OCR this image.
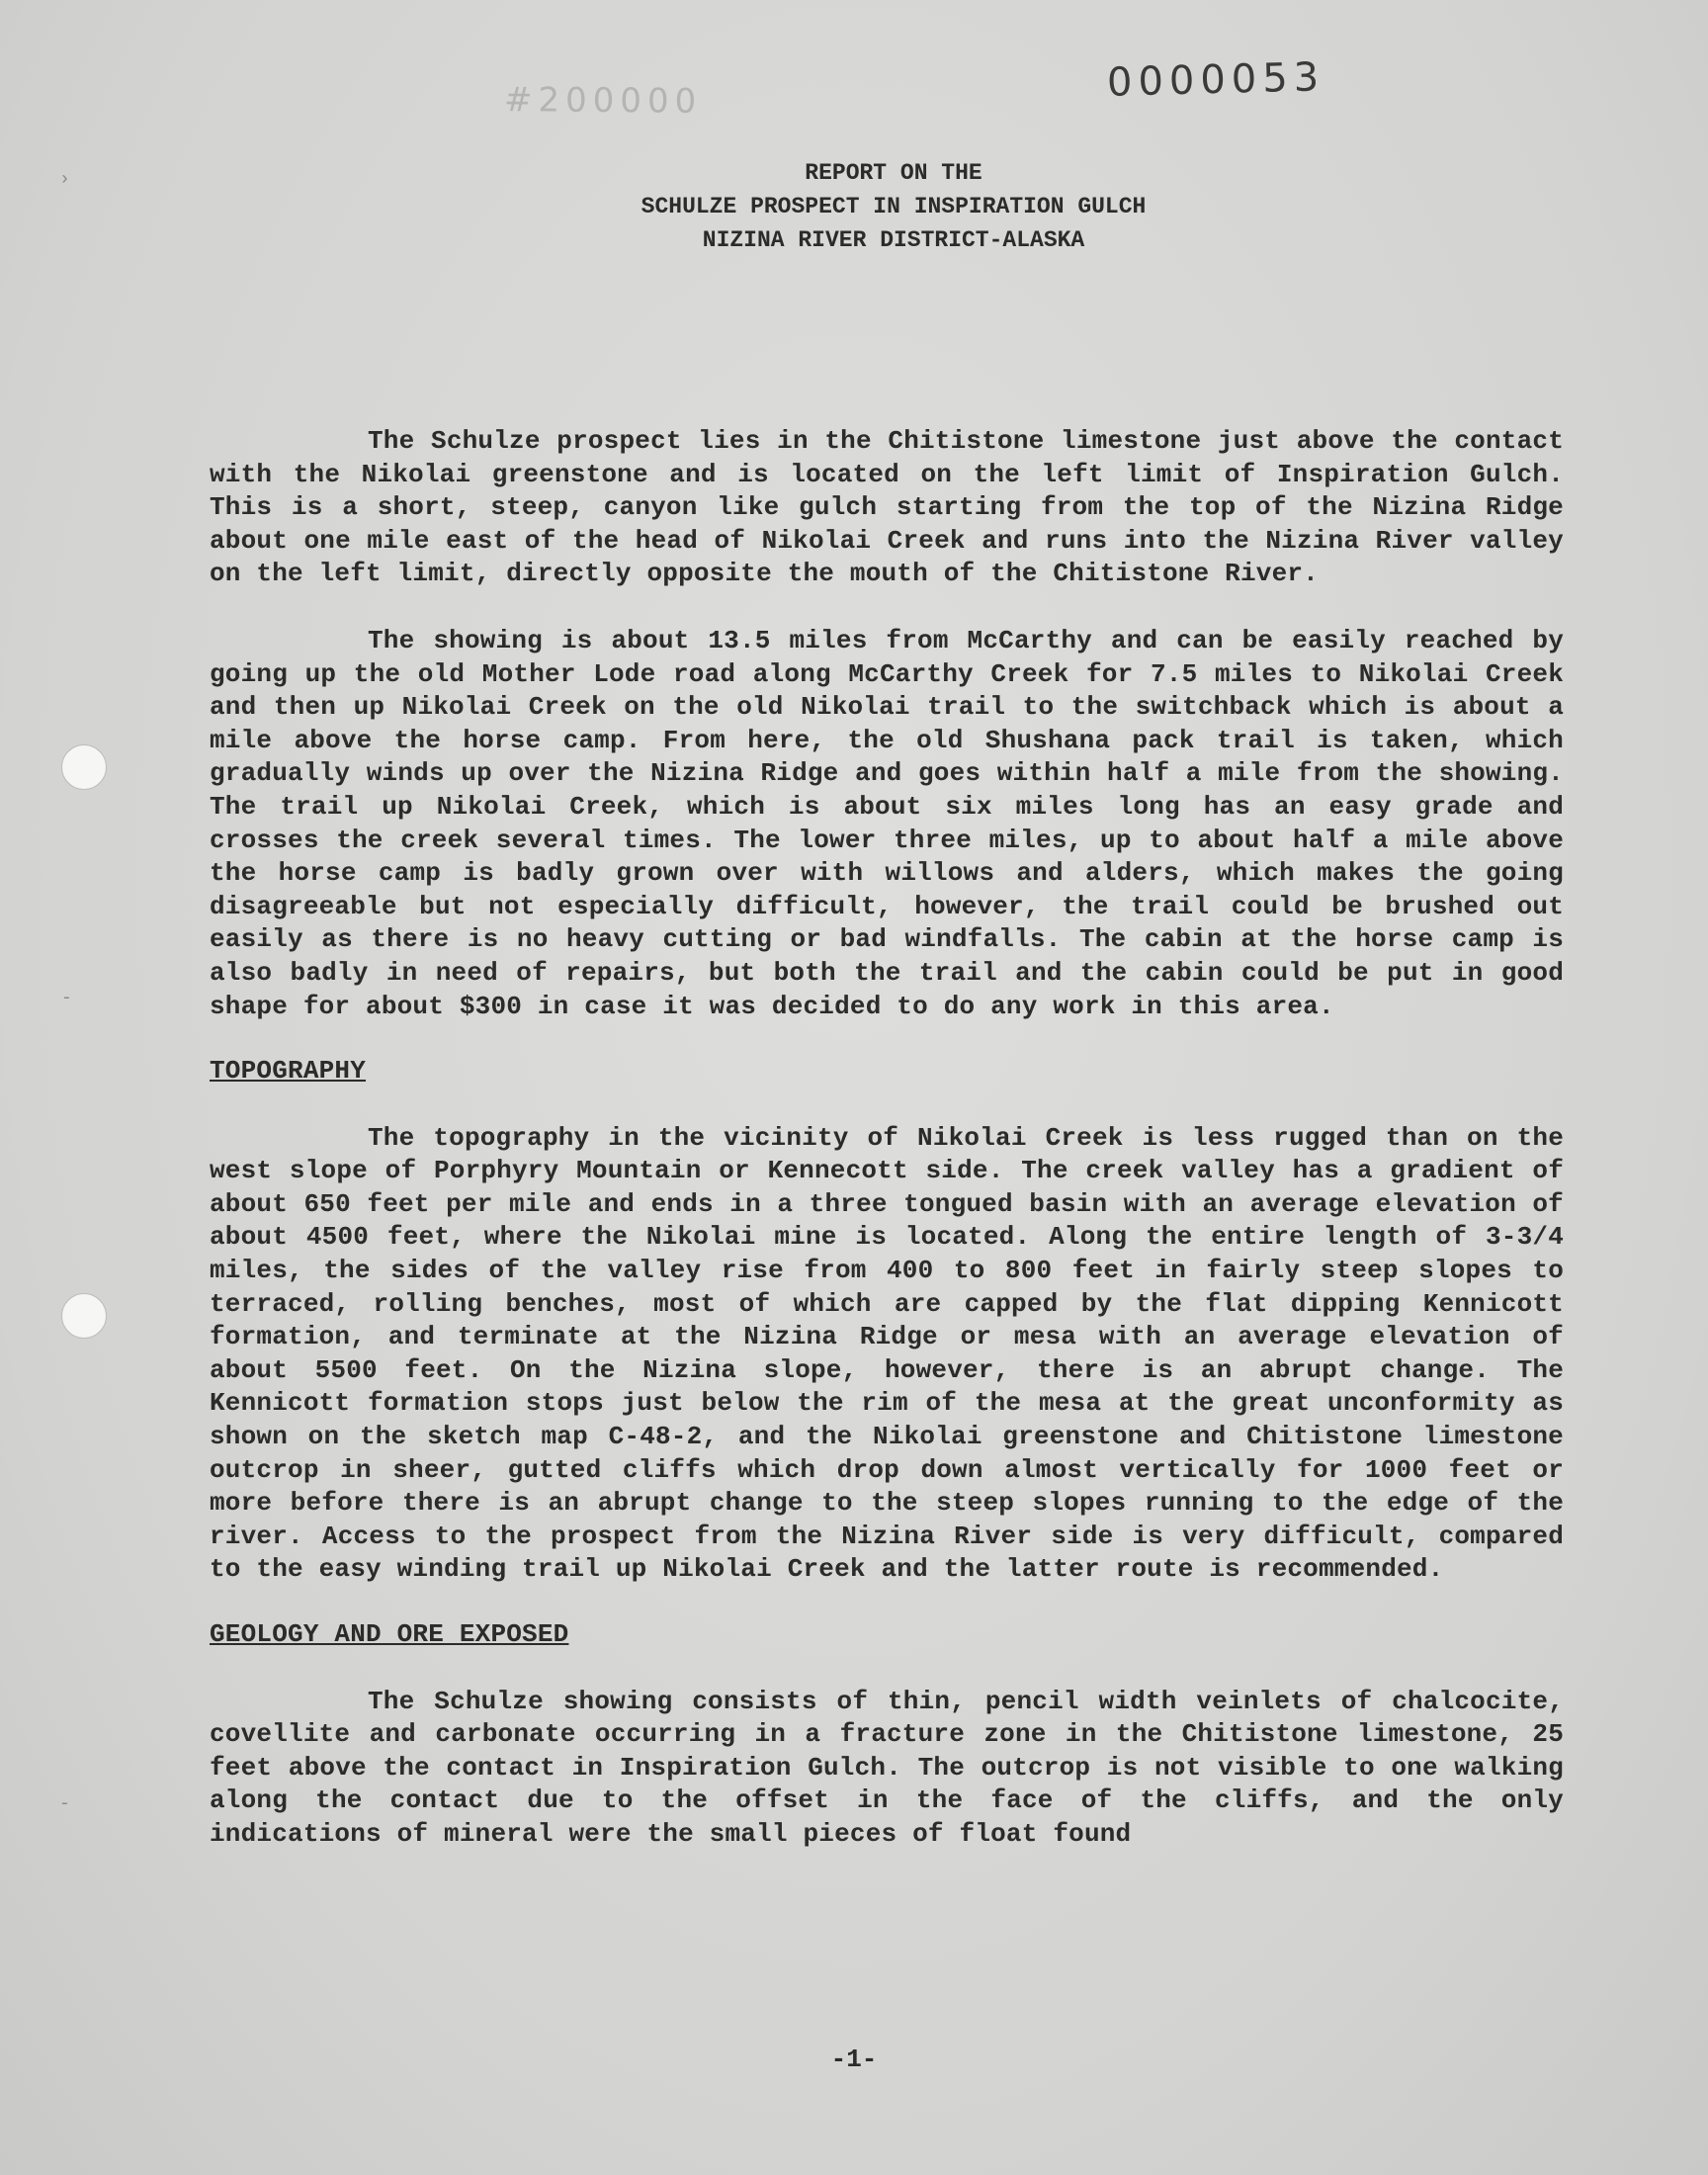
›
-
-
#200000	0000053
REPORT ON THE
SCHULZE PROSPECT IN INSPIRATION GULCH
NIZINA RIVER DISTRICT-ALASKA

The Schulze prospect lies in the Chitistone limestone just above the contact with the Nikolai greenstone and is located on the left limit of Inspiration Gulch. This is a short, steep, canyon like gulch starting from the top of the Nizina Ridge about one mile east of the head of Nikolai Creek and runs into the Nizina River valley on the left limit, directly opposite the mouth of the Chitistone River.

The showing is about 13.5 miles from McCarthy and can be easily reached by going up the old Mother Lode road along McCarthy Creek for 7.5 miles to Nikolai Creek and then up Nikolai Creek on the old Nikolai trail to the switchback which is about a mile above the horse camp. From here, the old Shushana pack trail is taken, which gradually winds up over the Nizina Ridge and goes within half a mile from the showing. The trail up Nikolai Creek, which is about six miles long has an easy grade and crosses the creek several times. The lower three miles, up to about half a mile above the horse camp is badly grown over with willows and alders, which makes the going disagreeable but not especially difficult, however, the trail could be brushed out easily as there is no heavy cutting or bad windfalls. The cabin at the horse camp is also badly in need of repairs, but both the trail and the cabin could be put in good shape for about $300 in case it was decided to do any work in this area.

TOPOGRAPHY

The topography in the vicinity of Nikolai Creek is less rugged than on the west slope of Porphyry Mountain or Kennecott side. The creek valley has a gradient of about 650 feet per mile and ends in a three tongued basin with an average elevation of about 4500 feet, where the Nikolai mine is located. Along the entire length of 3-3/4 miles, the sides of the valley rise from 400 to 800 feet in fairly steep slopes to terraced, rolling benches, most of which are capped by the flat dipping Kennicott formation, and terminate at the Nizina Ridge or mesa with an average elevation of about 5500 feet. On the Nizina slope, however, there is an abrupt change. The Kennicott formation stops just below the rim of the mesa at the great unconformity as shown on the sketch map C-48-2, and the Nikolai greenstone and Chitistone limestone outcrop in sheer, gutted cliffs which drop down almost vertically for 1000 feet or more before there is an abrupt change to the steep slopes running to the edge of the river. Access to the prospect from the Nizina River side is very difficult, compared to the easy winding trail up Nikolai Creek and the latter route is recommended.

GEOLOGY AND ORE EXPOSED

The Schulze showing consists of thin, pencil width veinlets of chalcocite, covellite and carbonate occurring in a fracture zone in the Chitistone limestone, 25 feet above the contact in Inspiration Gulch. The outcrop is not visible to one walking along the contact due to the offset in the face of the cliffs, and the only indications of mineral were the small pieces of float found

-1-
